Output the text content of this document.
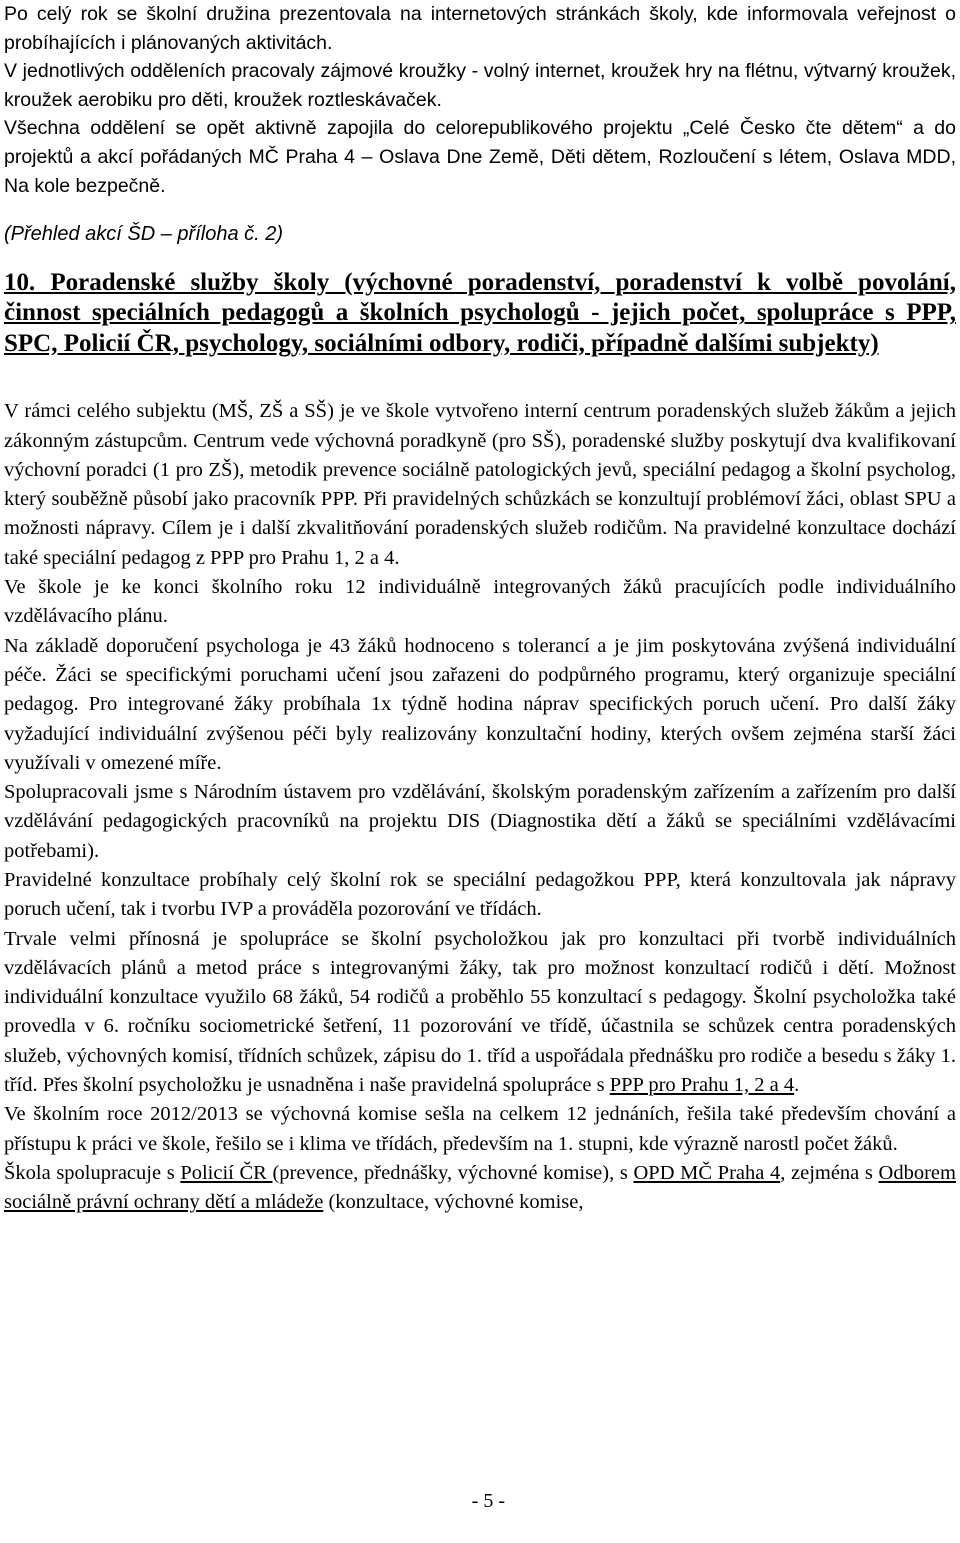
Po celý rok se školní družina prezentovala na internetových stránkách školy, kde informovala veřejnost o probíhajících i plánovaných aktivitách.

V jednotlivých odděleních pracovaly zájmové kroužky - volný internet, kroužek hry na flétnu, výtvarný kroužek, kroužek aerobiku pro děti, kroužek roztleskávaček.

Všechna oddělení se opět aktivně zapojila do celorepublikového projektu „Celé Česko čte dětem“ a do projektů a akcí pořádaných MČ Praha 4 – Oslava Dne Země, Děti dětem, Rozloučení s létem, Oslava MDD, Na kole bezpečně.

(Přehled akcí ŠD – příloha č. 2)

10. Poradenské služby školy (výchovné poradenství, poradenství k volbě povolání, činnost speciálních pedagogů a školních psychologů - jejich počet, spolupráce s PPP, SPC, Policií ČR, psychology, sociálními odbory, rodiči, případně dalšími subjekty)

V rámci celého subjektu (MŠ, ZŠ a SŠ) je ve škole vytvořeno interní centrum poradenských služeb žákům a jejich zákonným zástupcům. Centrum vede výchovná poradkyně (pro SŠ), poradenské služby poskytují dva kvalifikovaní výchovní poradci (1 pro ZŠ), metodik prevence sociálně patologických jevů, speciální pedagog a školní psycholog, který souběžně působí jako pracovník PPP. Při pravidelných schůzkách se konzultují problémoví žáci, oblast SPU a možnosti nápravy. Cílem je i další zkvalitňování poradenských služeb rodičům. Na pravidelné konzultace dochází také speciální pedagog z PPP pro Prahu 1, 2 a 4.

Ve škole je ke konci školního roku 12 individuálně integrovaných žáků pracujících podle individuálního vzdělávacího plánu.

Na základě doporučení psychologa je 43 žáků hodnoceno s tolerancí a je jim poskytována zvýšená individuální péče. Žáci se specifickými poruchami učení jsou zařazeni do podpůrného programu, který organizuje speciální pedagog. Pro integrované žáky probíhala 1x týdně hodina náprav specifických poruch učení. Pro další žáky vyžadující individuální zvýšenou péči byly realizovány konzultační hodiny, kterých ovšem zejména starší žáci využívali v omezené míře.

Spolupracovali jsme s Národním ústavem pro vzdělávání, školským poradenským zařízením a zařízením pro další vzdělávání pedagogických pracovníků na projektu DIS (Diagnostika dětí a žáků se speciálními vzdělávacími potřebami).

Pravidelné konzultace probíhaly celý školní rok se speciální pedagožkou PPP, která konzultovala jak nápravy poruch učení, tak i tvorbu IVP a prováděla pozorování ve třídách.

Trvale velmi přínosná je spolupráce se školní psycholožkou jak pro konzultaci při tvorbě individuálních vzdělávacích plánů a metod práce s integrovanými žáky, tak pro možnost konzultací rodičů i dětí. Možnost individuální konzultace využilo 68 žáků, 54 rodičů a proběhlo 55 konzultací s pedagogy. Školní psycholožka také provedla v 6. ročníku sociometrické šetření, 11 pozorování ve třídě, účastnila se schůzek centra poradenských služeb, výchovných komisí, třídních schůzek, zápisu do 1. tříd a uspořádala přednášku pro rodiče a besedu s žáky 1. tříd. Přes školní psycholožku je usnadněna i naše pravidelná spolupráce s PPP pro Prahu 1, 2 a 4.

Ve školním roce 2012/2013 se výchovná komise sešla na celkem 12 jednáních, řešila také především chování a přístupu k práci ve škole, řešilo se i klima ve třídách, především na 1. stupni, kde výrazně narostl počet žáků.

Škola spolupracuje s Policií ČR (prevence, přednášky, výchovné komise), s OPD MČ Praha 4, zejména s Odborem sociálně právní ochrany dětí a mládeže (konzultace, výchovné komise,

- 5 -
